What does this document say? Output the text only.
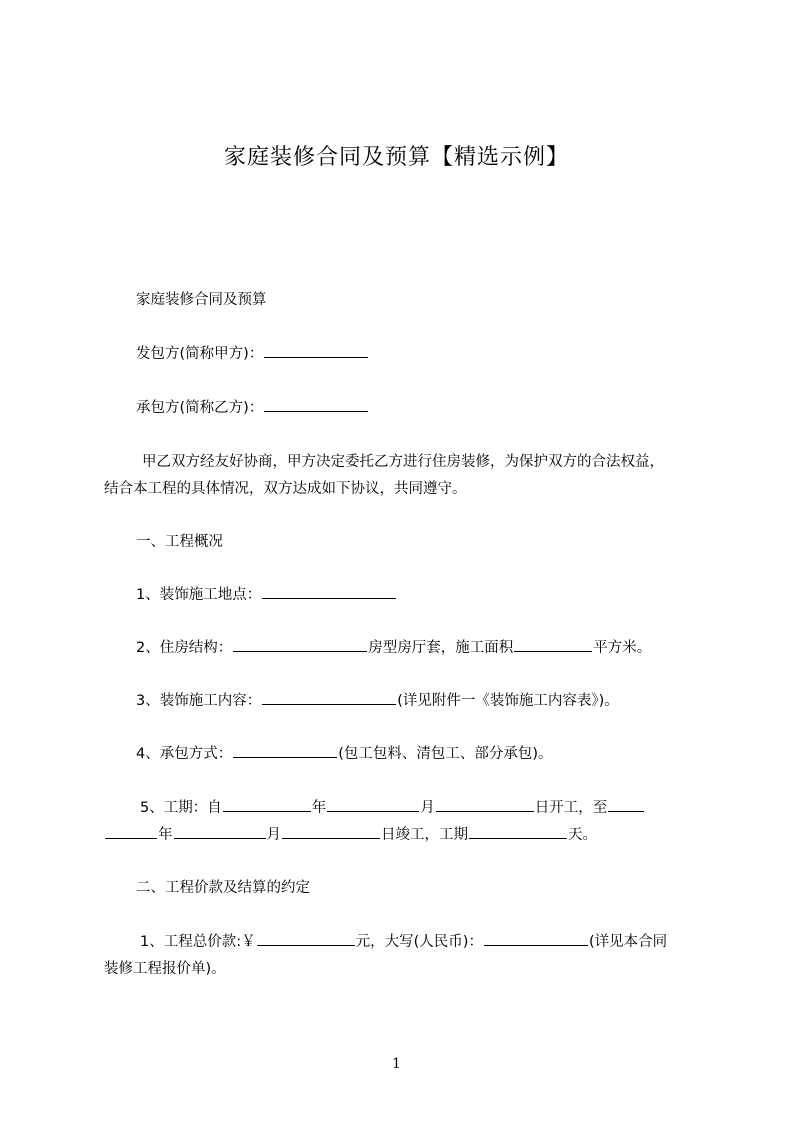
家庭装修合同及预算【精选示例】
家庭装修合同及预算
发包方(简称甲方)：
承包方(简称乙方)：
甲乙双方经友好协商，甲方决定委托乙方进行住房装修，为保护双方的合法权益，
结合本工程的具体情况，双方达成如下协议，共同遵守。
一、工程概况
1、装饰施工地点：
2、住房结构：	房型房厅套，施工面积	平方米。
3、装饰施工内容：	(详见附件一《装饰施工内容表》)。
4、承包方式：	(包工包料、清包工、部分承包)。
5、工期：自	年	月	日开工，至
年	月	日竣工，工期	天。
二、工程价款及结算的约定
1、工程总价款:￥	元，大写(人民币)：	(详见本合同
装修工程报价单)。
1
